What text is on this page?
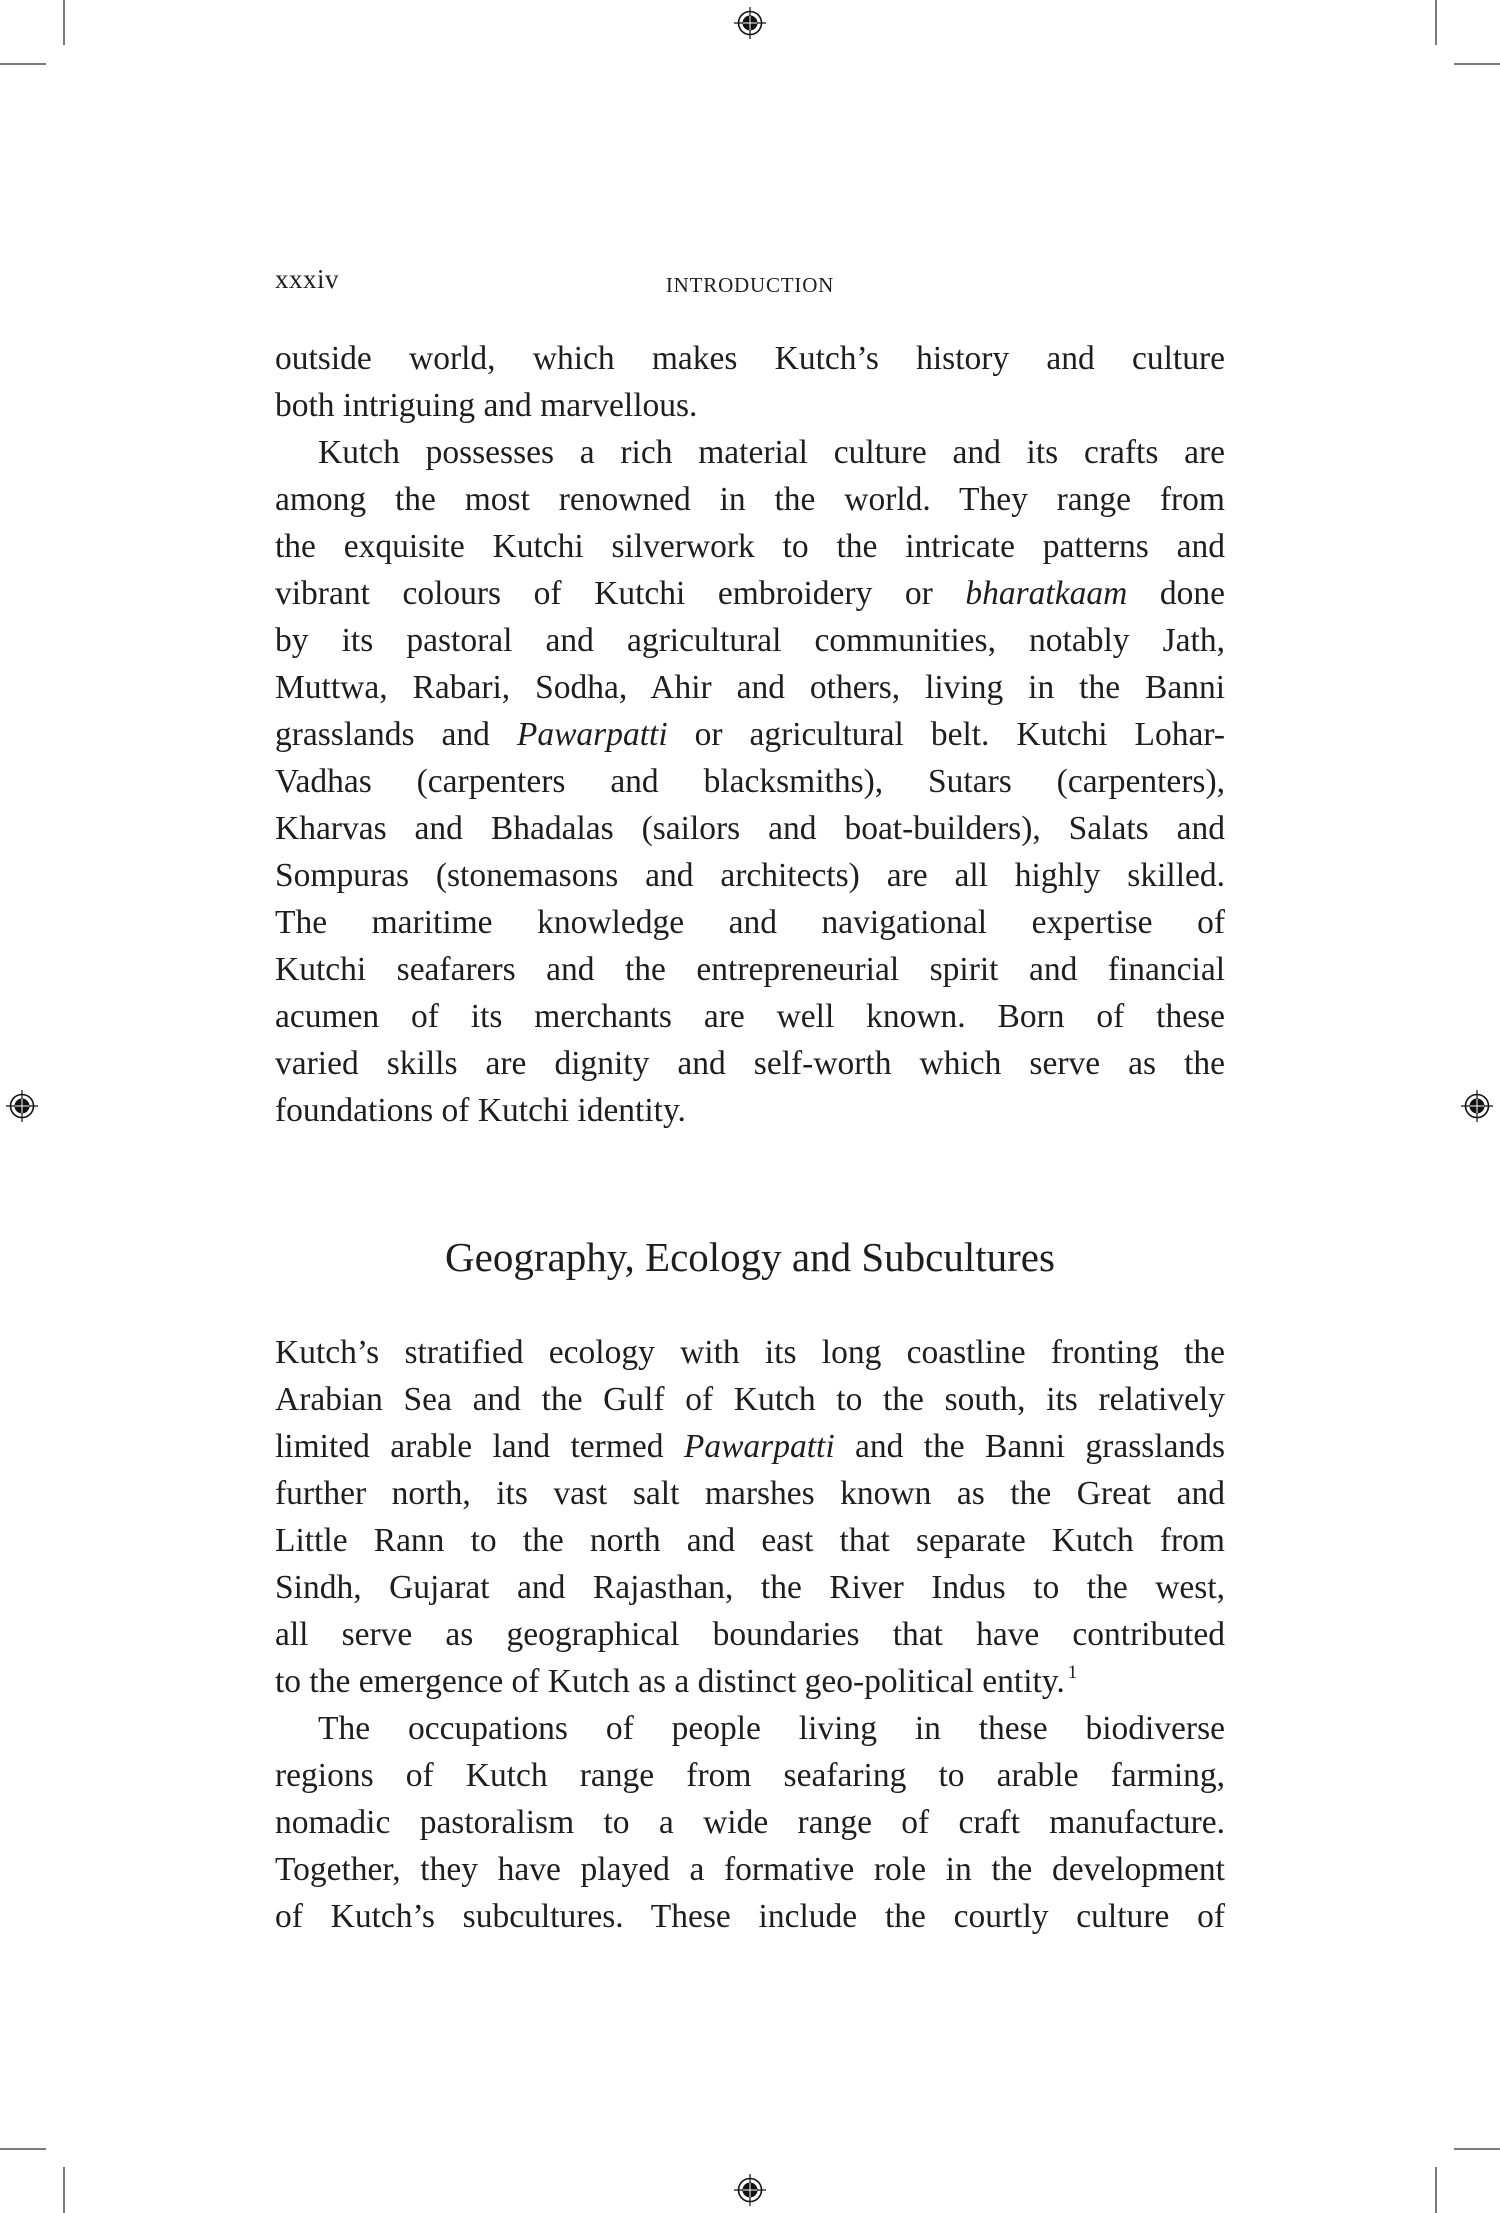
xxxiv	INTRODUCTION
outside world, which makes Kutch’s history and culture
both intriguing and marvellous.
Kutch possesses a rich material culture and its crafts are
among the most renowned in the world. They range from
the exquisite Kutchi silverwork to the intricate patterns and
vibrant colours of Kutchi embroidery or bharatkaam done
by its pastoral and agricultural communities, notably Jath,
Muttwa, Rabari, Sodha, Ahir and others, living in the Banni
grasslands and Pawarpatti or agricultural belt. Kutchi Lohar-
Vadhas (carpenters and blacksmiths), Sutars (carpenters),
Kharvas and Bhadalas (sailors and boat-builders), Salats and
Sompuras (stonemasons and architects) are all highly skilled.
The maritime knowledge and navigational expertise of
Kutchi seafarers and the entrepreneurial spirit and financial
acumen of its merchants are well known. Born of these
varied skills are dignity and self-worth which serve as the
foundations of Kutchi identity.
Geography, Ecology and Subcultures
Kutch’s stratified ecology with its long coastline fronting the
Arabian Sea and the Gulf of Kutch to the south, its relatively
limited arable land termed Pawarpatti and the Banni grasslands
further north, its vast salt marshes known as the Great and
Little Rann to the north and east that separate Kutch from
Sindh, Gujarat and Rajasthan, the River Indus to the west,
all serve as geographical boundaries that have contributed
to the emergence of Kutch as a distinct geo-political entity. $^1$
The occupations of people living in these biodiverse
regions of Kutch range from seafaring to arable farming,
nomadic pastoralism to a wide range of craft manufacture.
Together, they have played a formative role in the development
of Kutch’s subcultures. These include the courtly culture of
